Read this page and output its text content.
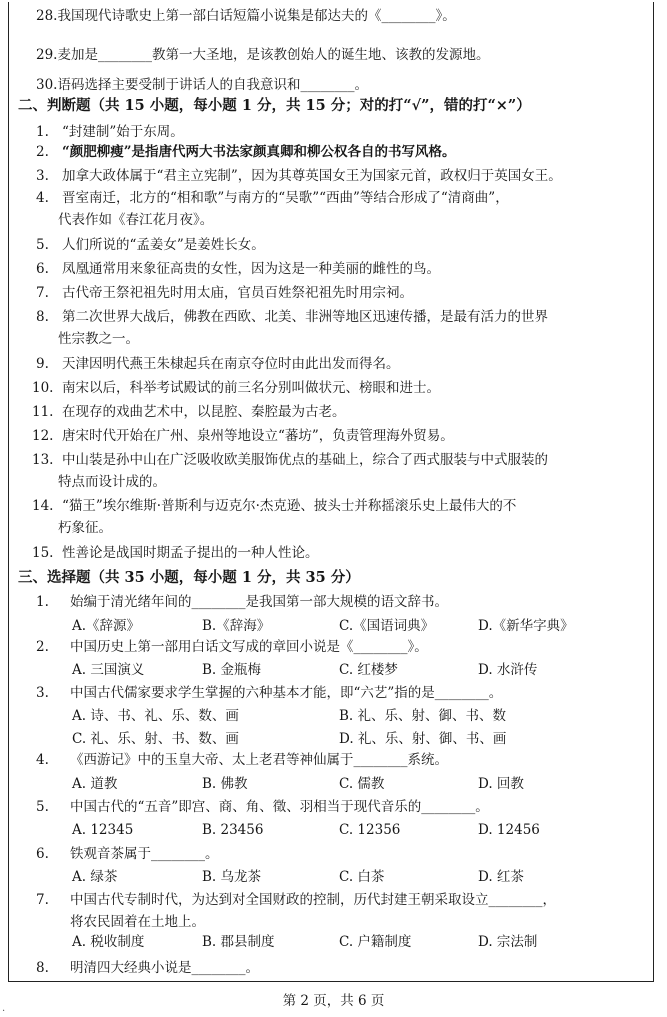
28.我国现代诗歌史上第一部白话短篇小说集是郁达夫的《________》。
29.麦加是________教第一大圣地，是该教创始人的诞生地、该教的发源地。
30.语码选择主要受制于讲话人的自我意识和________。
二、判断题（共 15 小题，每小题 1 分，共 15 分；对的打“√”，错的打“×”）
1. “封建制”始于东周。
2. “颜肥柳瘦”是指唐代两大书法家颜真卿和柳公权各自的书写风格。
3. 加拿大政体属于“君主立宪制”，因为其尊英国女王为国家元首，政权归于英国女王。
4. 晋室南迁，北方的“相和歌”与南方的“吴歌”“西曲”等结合形成了“清商曲”，
代表作如《春江花月夜》。
5. 人们所说的“孟姜女”是姜姓长女。
6. 凤凰通常用来象征高贵的女性，因为这是一种美丽的雌性的鸟。
7. 古代帝王祭祀祖先时用太庙，官员百姓祭祀祖先时用宗祠。
8. 第二次世界大战后，佛教在西欧、北美、非洲等地区迅速传播，是最有活力的世界
性宗教之一。
9. 天津因明代燕王朱棣起兵在南京夺位时由此出发而得名。
10. 南宋以后，科举考试殿试的前三名分别叫做状元、榜眼和进士。
11. 在现存的戏曲艺术中，以昆腔、秦腔最为古老。
12. 唐宋时代开始在广州、泉州等地设立“蕃坊”，负责管理海外贸易。
13. 中山装是孙中山在广泛吸收欧美服饰优点的基础上，综合了西式服装与中式服装的
特点而设计成的。
14. “猫王”埃尔维斯·普斯利与迈克尔·杰克逊、披头士并称摇滚乐史上最伟大的不
朽象征。
15. 性善论是战国时期孟子提出的一种人性论。
三、选择题（共 35 小题，每小题 1 分，共 35 分）
1. 始编于清光绪年间的________是我国第一部大规模的语文辞书。
A.《辞源》	B.《辞海》	C.《国语词典》	D.《新华字典》
2. 中国历史上第一部用白话文写成的章回小说是《________》。
A. 三国演义	B. 金瓶梅	C. 红楼梦	D. 水浒传
3. 中国古代儒家要求学生掌握的六种基本才能，即“六艺”指的是________。
A. 诗、书、礼、乐、数、画	B. 礼、乐、射、御、书、数
C. 礼、乐、射、书、数、画	D. 礼、乐、射、御、书、画
4. 《西游记》中的玉皇大帝、太上老君等神仙属于________系统。
A. 道教	B. 佛教	C. 儒教	D. 回教
5. 中国古代的“五音”即宫、商、角、徵、羽相当于现代音乐的________。
A. 12345	B. 23456	C. 12356	D. 12456
6. 铁观音茶属于________。
A. 绿茶	B. 乌龙茶	C. 白茶	D. 红茶
7. 中国古代专制时代，为达到对全国财政的控制，历代封建王朝采取设立________，
将农民固着在土地上。
A. 税收制度	B. 郡县制度	C. 户籍制度	D. 宗法制
8. 明清四大经典小说是________。
第 2 页，共 6 页
.
